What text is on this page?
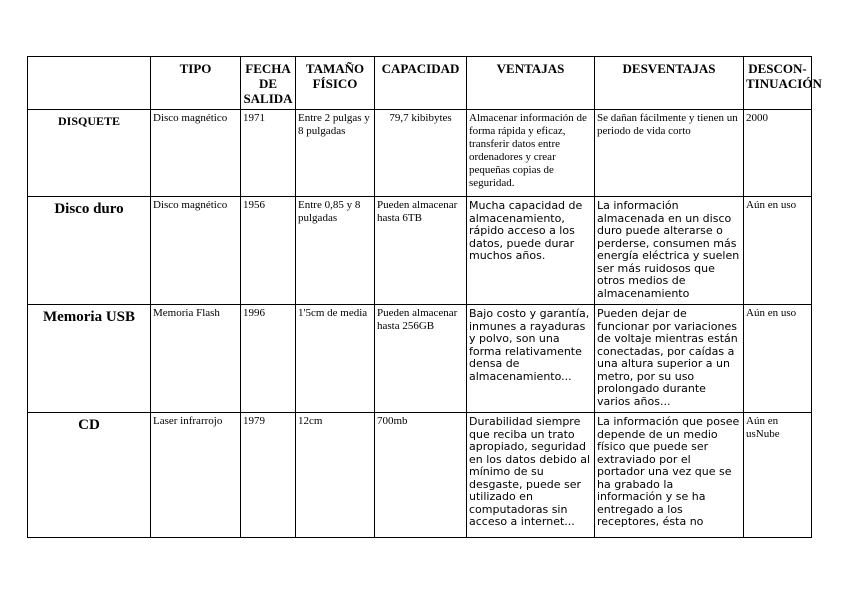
	TIPO	FECHA DE SALIDA	TAMAÑO FÍSICO	CAPACIDAD	VENTAJAS	DESVENTAJAS	DESCON-TINUACIÓN
DISQUETE	Disco magnético	1971	Entre 2 pulgas y 8 pulgadas	79,7 kibibytes	Almacenar información de forma rápida y eficaz, transferir datos entre ordenadores y crear pequeñas copias de seguridad.	Se dañan fácilmente y tienen un periodo de vida corto	2000
Disco duro	Disco magnético	1956	Entre 0,85 y 8 pulgadas	Pueden almacenar hasta 6TB	Mucha capacidad de almacenamiento, rápido acceso a los datos, puede durar muchos años.	La información almacenada en un disco duro puede alterarse o perderse, consumen más energía eléctrica y suelen ser más ruidosos que otros medios de almacenamiento	Aún en uso
Memoria USB	Memoria Flash	1996	1'5cm de media	Pueden almacenar hasta 256GB	Bajo costo y garantía, inmunes a rayaduras y polvo, son una forma relativamente densa de almacenamiento...	Pueden dejar de funcionar por variaciones de voltaje mientras están conectadas, por caídas a una altura superior a un metro, por su uso prolongado durante varios años...	Aún en uso
CD	Laser infrarrojo	1979	12cm	700mb	Durabilidad siempre que reciba un trato apropiado, seguridad en los datos debido al mínimo de su desgaste, puede ser utilizado en computadoras sin acceso a internet...	La información que posee depende de un medio físico que puede ser extraviado por el portador una vez que se ha grabado la información y se ha entregado a los receptores, ésta no	Aún en usNube
